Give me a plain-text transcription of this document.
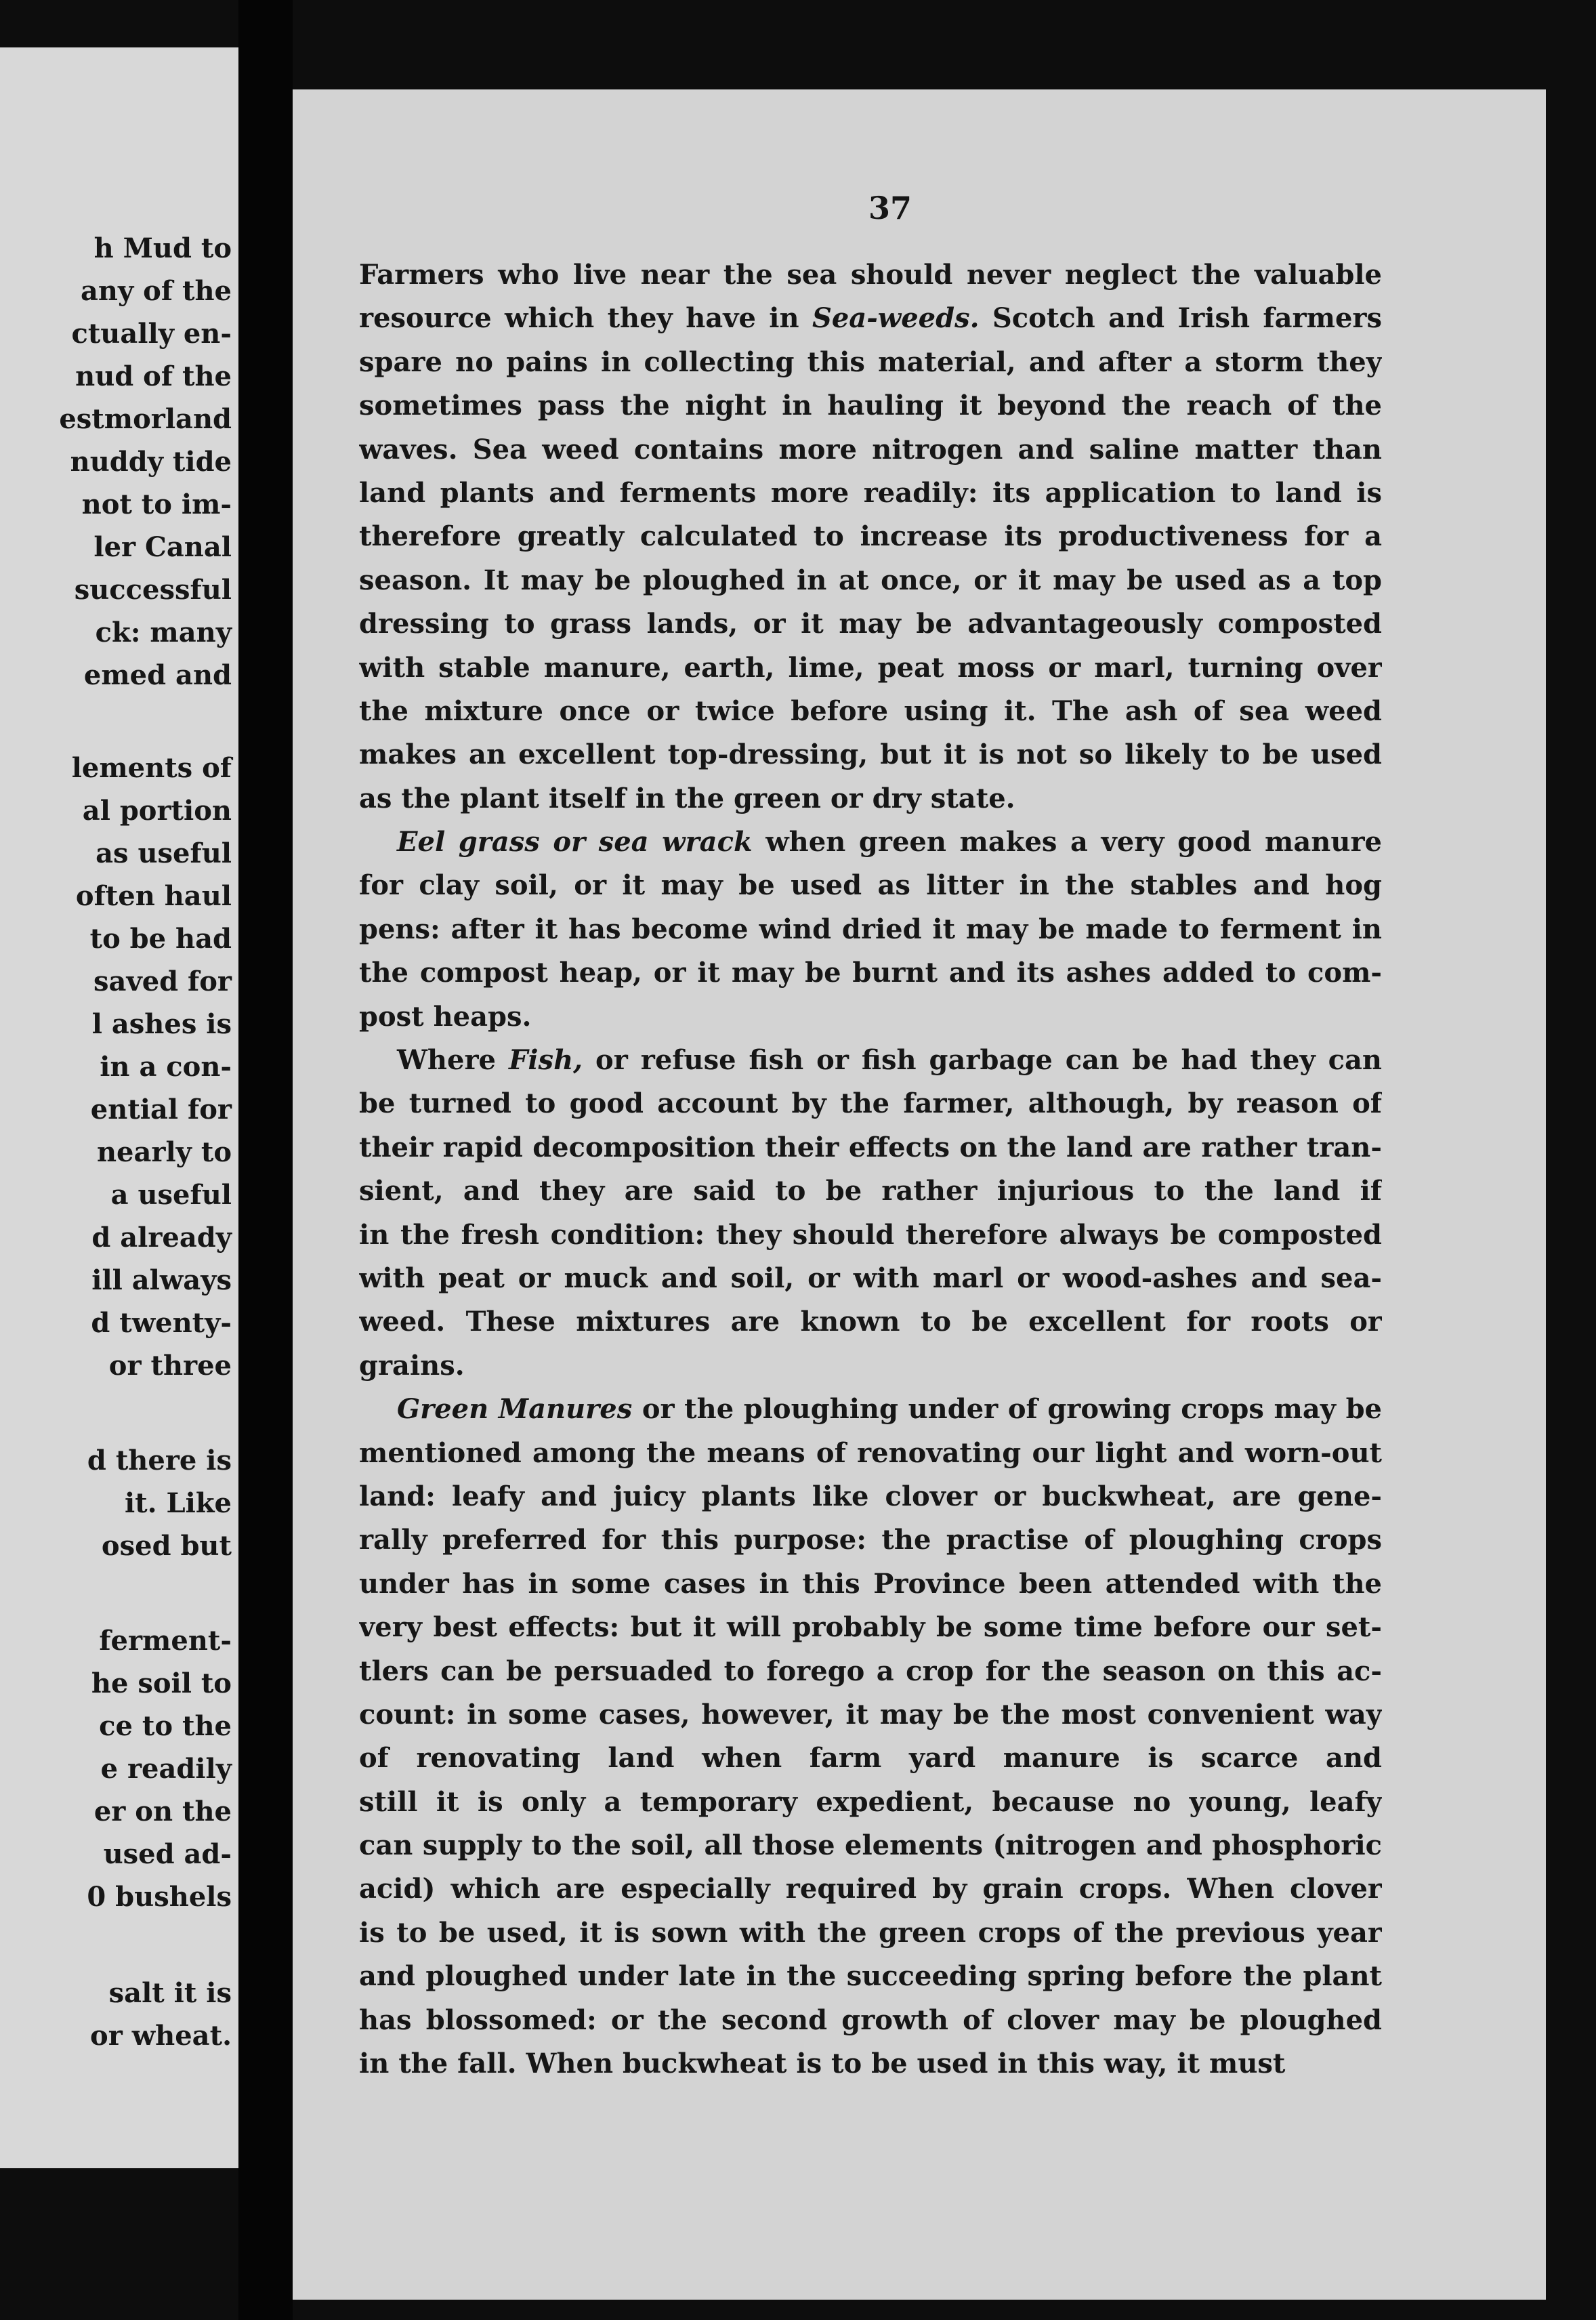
h Mud to
any of the
ctually en-
nud of the
estmorland
nuddy tide
not to im-
ler Canal
successful
ck: many
emed and
lements of
al portion
as useful
often haul
to be had
saved for
l ashes is
in a con-
ential for
nearly to
a useful
d already
ill always
d twenty-
or three
d there is
it. Like
osed but
ferment-
he soil to
ce to the
e readily
er on the
used ad-
0 bushels
salt it is
or wheat.
37
Farmers who live near the sea should never neglect the valuable
resource which they have in Sea-weeds. Scotch and Irish farmers
spare no pains in collecting this material, and after a storm they
sometimes pass the night in hauling it beyond the reach of the
waves. Sea weed contains more nitrogen and saline matter than
land plants and ferments more readily: its application to land is
therefore greatly calculated to increase its productiveness for a
season. It may be ploughed in at once, or it may be used as a top
dressing to grass lands, or it may be advantageously composted
with stable manure, earth, lime, peat moss or marl, turning over
the mixture once or twice before using it. The ash of sea weed
makes an excellent top-dressing, but it is not so likely to be used
as the plant itself in the green or dry state.
Eel grass or sea wrack when green makes a very good manure
for clay soil, or it may be used as litter in the stables and hog
pens: after it has become wind dried it may be made to ferment in
the compost heap, or it may be burnt and its ashes added to com-
post heaps.
Where Fish, or refuse fish or fish garbage can be had they can
be turned to good account by the farmer, although, by reason of
their rapid decomposition their effects on the land are rather tran-
sient, and they are said to be rather injurious to the land if
in the fresh condition: they should therefore always be composted
with peat or muck and soil, or with marl or wood-ashes and sea-
weed. These mixtures are known to be excellent for roots or
grains.
Green Manures or the ploughing under of growing crops may be
mentioned among the means of renovating our light and worn-out
land: leafy and juicy plants like clover or buckwheat, are gene-
rally preferred for this purpose: the practise of ploughing crops
under has in some cases in this Province been attended with the
very best effects: but it will probably be some time before our set-
tlers can be persuaded to forego a crop for the season on this ac-
count: in some cases, however, it may be the most convenient way
of renovating land when farm yard manure is scarce and
still it is only a temporary expedient, because no young, leafy
can supply to the soil, all those elements (nitrogen and phosphoric
acid) which are especially required by grain crops. When clover
is to be used, it is sown with the green crops of the previous year
and ploughed under late in the succeeding spring before the plant
has blossomed: or the second growth of clover may be ploughed
in the fall. When buckwheat is to be used in this way, it must
